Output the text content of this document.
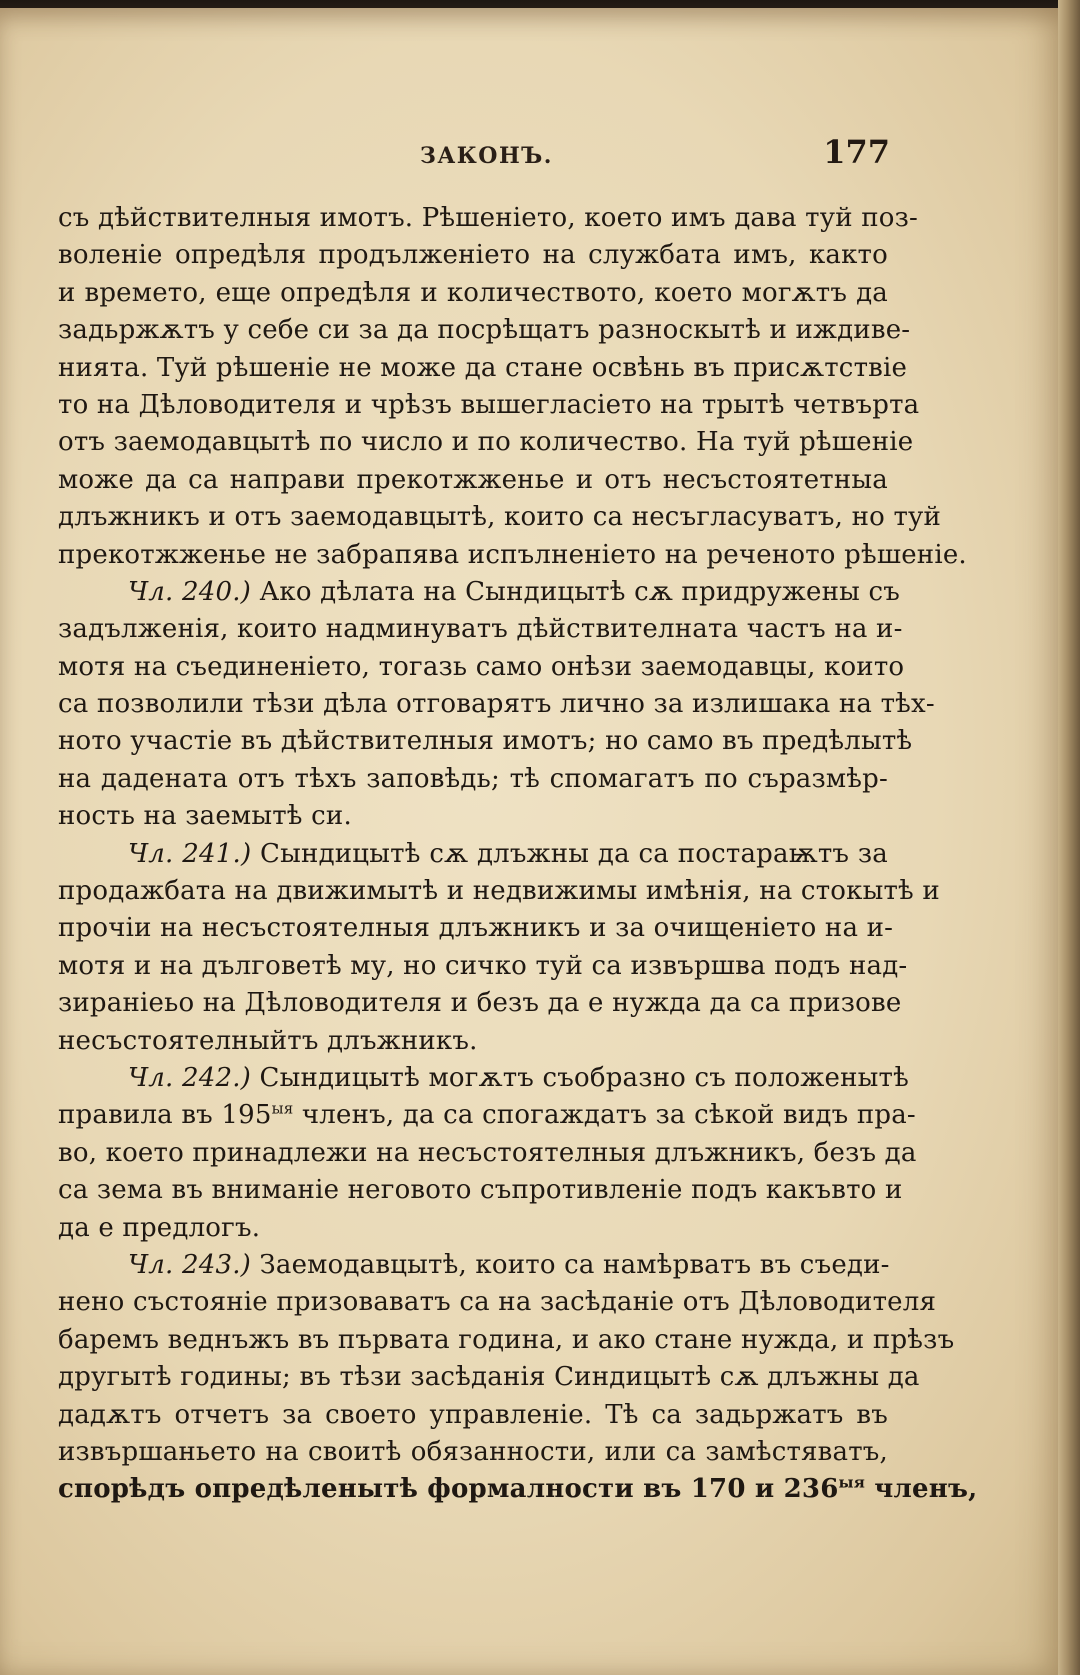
ЗАКОНЪ.	177
съ дѣйствителныя имотъ. Рѣшеніето, което имъ дава туй поз-
воленіе опредѣля продълженіето на службата имъ, както
и времето, еще опредѣля и количеството, което могѫтъ да
задьржѫтъ у себе си за да посрѣщатъ разноскытѣ и иждиве-
нията. Туй рѣшеніе не може да стане освѣнь въ присѫтствіе
то на Дѣловодителя и чрѣзъ вышегласіето на трытѣ четвърта
отъ заемодавцытѣ по число и по количество. На туй рѣшеніе
може да са направи прекотжженье и отъ несъстоятетныа
длъжникъ и отъ заемодавцытѣ, които са несъгласуватъ, но туй
прекотжженье не забрапява испълненіето на реченото рѣшеніе.
Чл. 240.) Ако дѣлата на Сындицытѣ сѫ придружены съ
задълженія, които надминуватъ дѣйствителната частъ на и-
мотя на съединеніето, тогазь само онѣзи заемодавцы, които
са позволили тѣзи дѣла отговарятъ лично за излишака на тѣх-
ното участіе въ дѣйствителныя имотъ; но само въ предѣлытѣ
на дадената отъ тѣхъ заповѣдь; тѣ спомагатъ по съразмѣр-
ность на заемытѣ си.
Чл. 241.) Сындицытѣ сѫ длъжны да са постараѭтъ за
продажбата на движимытѣ и недвижимы имѣнія, на стокытѣ и
прочіи на несъстоятелныя длъжникъ и за очищеніето на и-
мотя и на дълговетѣ му, но сичко туй са извършва подъ над-
зираніеьо на Дѣловодителя и безъ да е нужда да са призове
несъстоятелныйтъ длъжникъ.
Чл. 242.) Сындицытѣ могѫтъ съобразно съ положенытѣ
правила въ $195^{ыя}$ членъ, да са спогаждатъ за сѣкой видъ пра-
во, което принадлежи на несъстоятелныя длъжникъ, безъ да
са зема въ вниманіе неговото съпротивленіе подъ какъвто и
да е предлогъ.
Чл. 243.) Заемодавцытѣ, които са намѣрватъ въ съеди-
нено състояніе призоваватъ са на засѣданіе отъ Дѣловодителя
баремъ веднъжъ въ първата година, и ако стане нужда, и прѣзъ
другытѣ годины; въ тѣзи засѣданія Синдицытѣ сѫ длъжны да
дадѫтъ отчетъ за своето управленіе. Тѣ са задьржатъ въ
извършаньето на своитѣ обязанности, или са замѣстяватъ,
спорѣдъ опредѣленытѣ формалности въ 170 и $236^{ыя}$ членъ,
